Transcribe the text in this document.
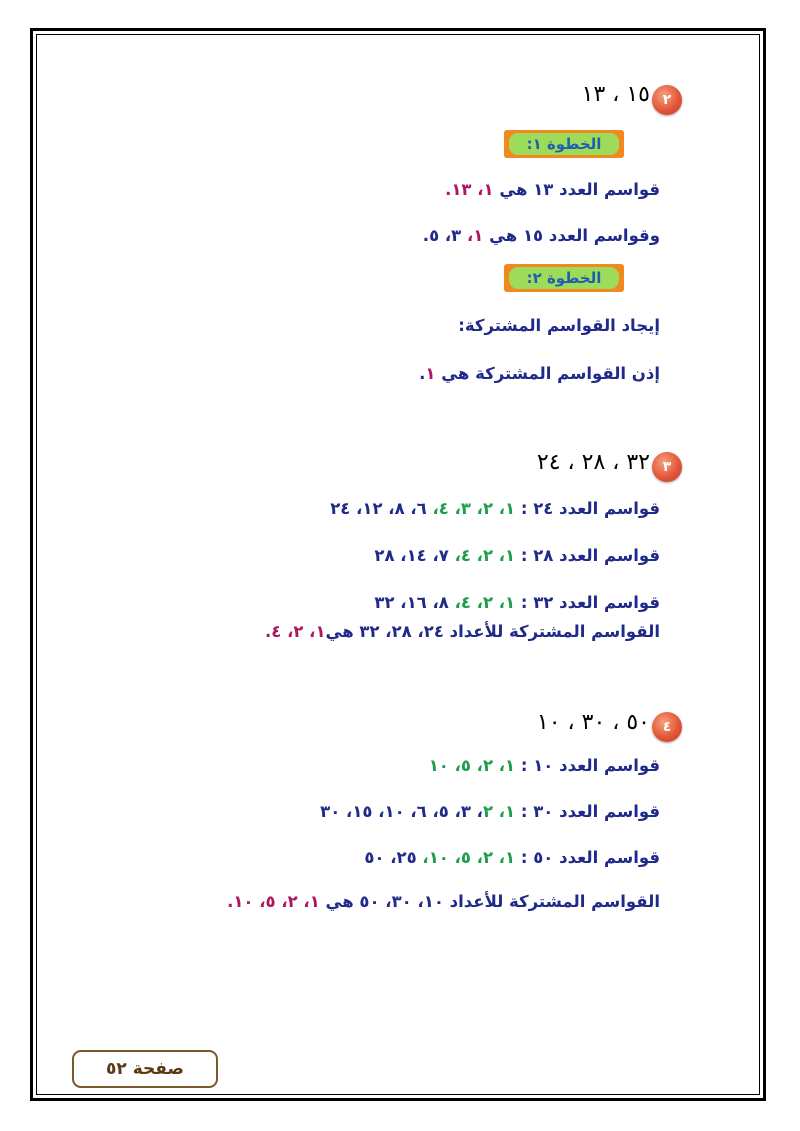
٢
١٥ ، ١٣
الخطوة ١:
قواسم العدد ١٣ هي ١، ١٣.
وقواسم العدد ١٥ هي ١، ٣، ٥.
الخطوة ٢:
إيجاد القواسم المشتركة:
إذن القواسم المشتركة هي ١.
٣
٣٢ ، ٢٨ ، ٢٤
قواسم العدد ٢٤ : ١، ٢، ٣، ٤، ٦، ٨، ١٢، ٢٤
قواسم العدد ٢٨ : ١، ٢، ٤، ٧، ١٤، ٢٨
قواسم العدد ٣٢ : ١، ٢، ٤، ٨، ١٦، ٣٢
القواسم المشتركة للأعداد ٢٤، ٢٨، ٣٢ هي١، ٢، ٤.
٤
٥٠ ، ٣٠ ، ١٠
قواسم العدد ١٠ : ١، ٢، ٥، ١٠
قواسم العدد ٣٠ : ١، ٢، ٣، ٥، ٦، ١٠، ١٥، ٣٠
قواسم العدد ٥٠ : ١، ٢، ٥، ١٠، ٢٥، ٥٠
القواسم المشتركة للأعداد ١٠، ٣٠، ٥٠ هي ١، ٢، ٥، ١٠.
صفحة ٥٢
